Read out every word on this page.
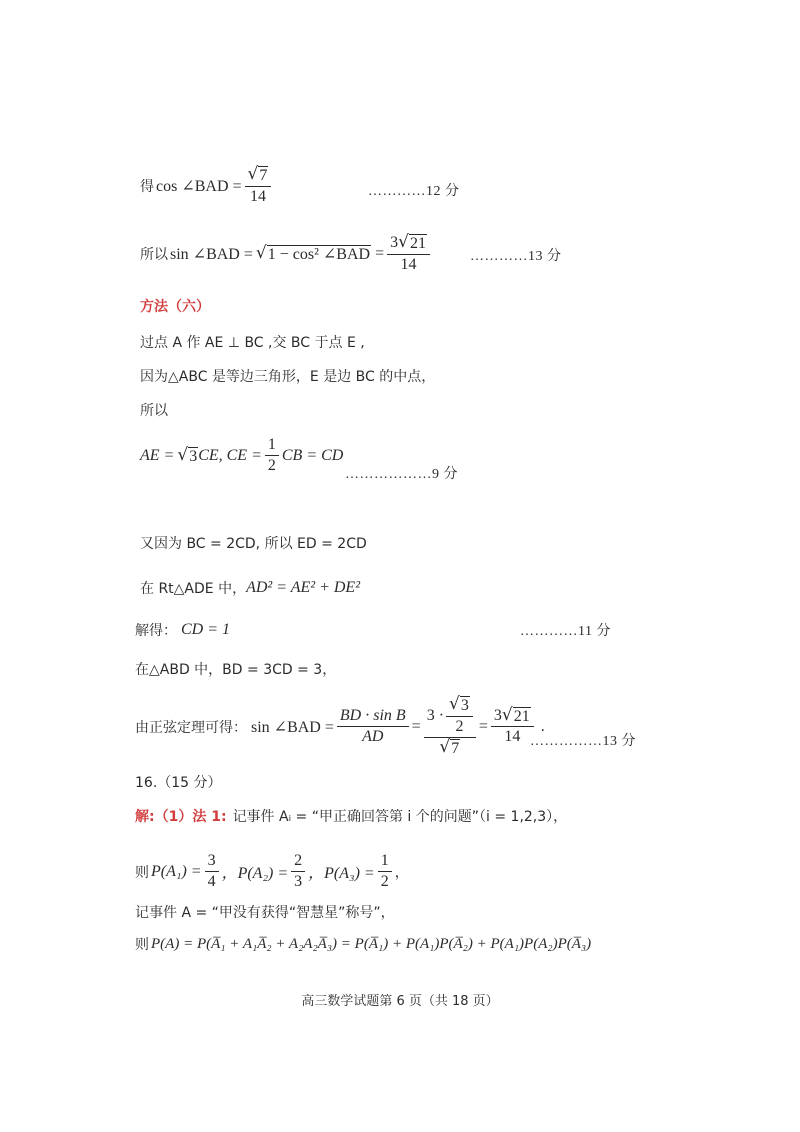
得 cos ∠BAD = $\frac{√ 7}{14}$	…………12 分
所以 sin ∠BAD = √ 1 − cos² ∠BAD = $\frac{3 √ 21}{14}$	…………13 分
方法（六）
过点 A 作 AE ⊥ BC ,交 BC 于点 E ,
因为△ABC 是等边三角形，E 是边 BC 的中点，
所以
AE = √ 3 CE, CE = $\frac{1}{2}$ CB = CD
………………9 分
又因为 BC = 2CD, 所以 ED = 2CD
在 Rt△ADE 中， AD² = AE² + DE²
解得： CD = 1	…………11 分
在△ABD 中，BD = 3CD = 3，
由正弦定理可得： sin ∠BAD = $\frac{\text{BD · sin B}}{AD} = \frac{3 \cdot \frac{√ 3}{2}}{√ 7} = \frac{3 √ 21}{14}$ .
……………13 分
16.（15 分）
解:（1）法 1: 记事件 Aᵢ = “甲正确回答第 i 个的问题”（i = 1,2,3），
则 $P(A_1) = \frac{3}{4}$ ，$P(A_2) = \frac{2}{3}$ ，$P(A_3) = \frac{1}{2}$ ，
记事件 A = “甲没有获得“智慧星”称号”，
则 P(A) = P(A̅₁ + A₁A̅₂ + A₂A₂A̅₃) = P(A̅₁) + P(A₁)P(A̅₂) + P(A₁)P(A₂)P(A̅₃)
高三数学试题第 6 页（共 18 页）
